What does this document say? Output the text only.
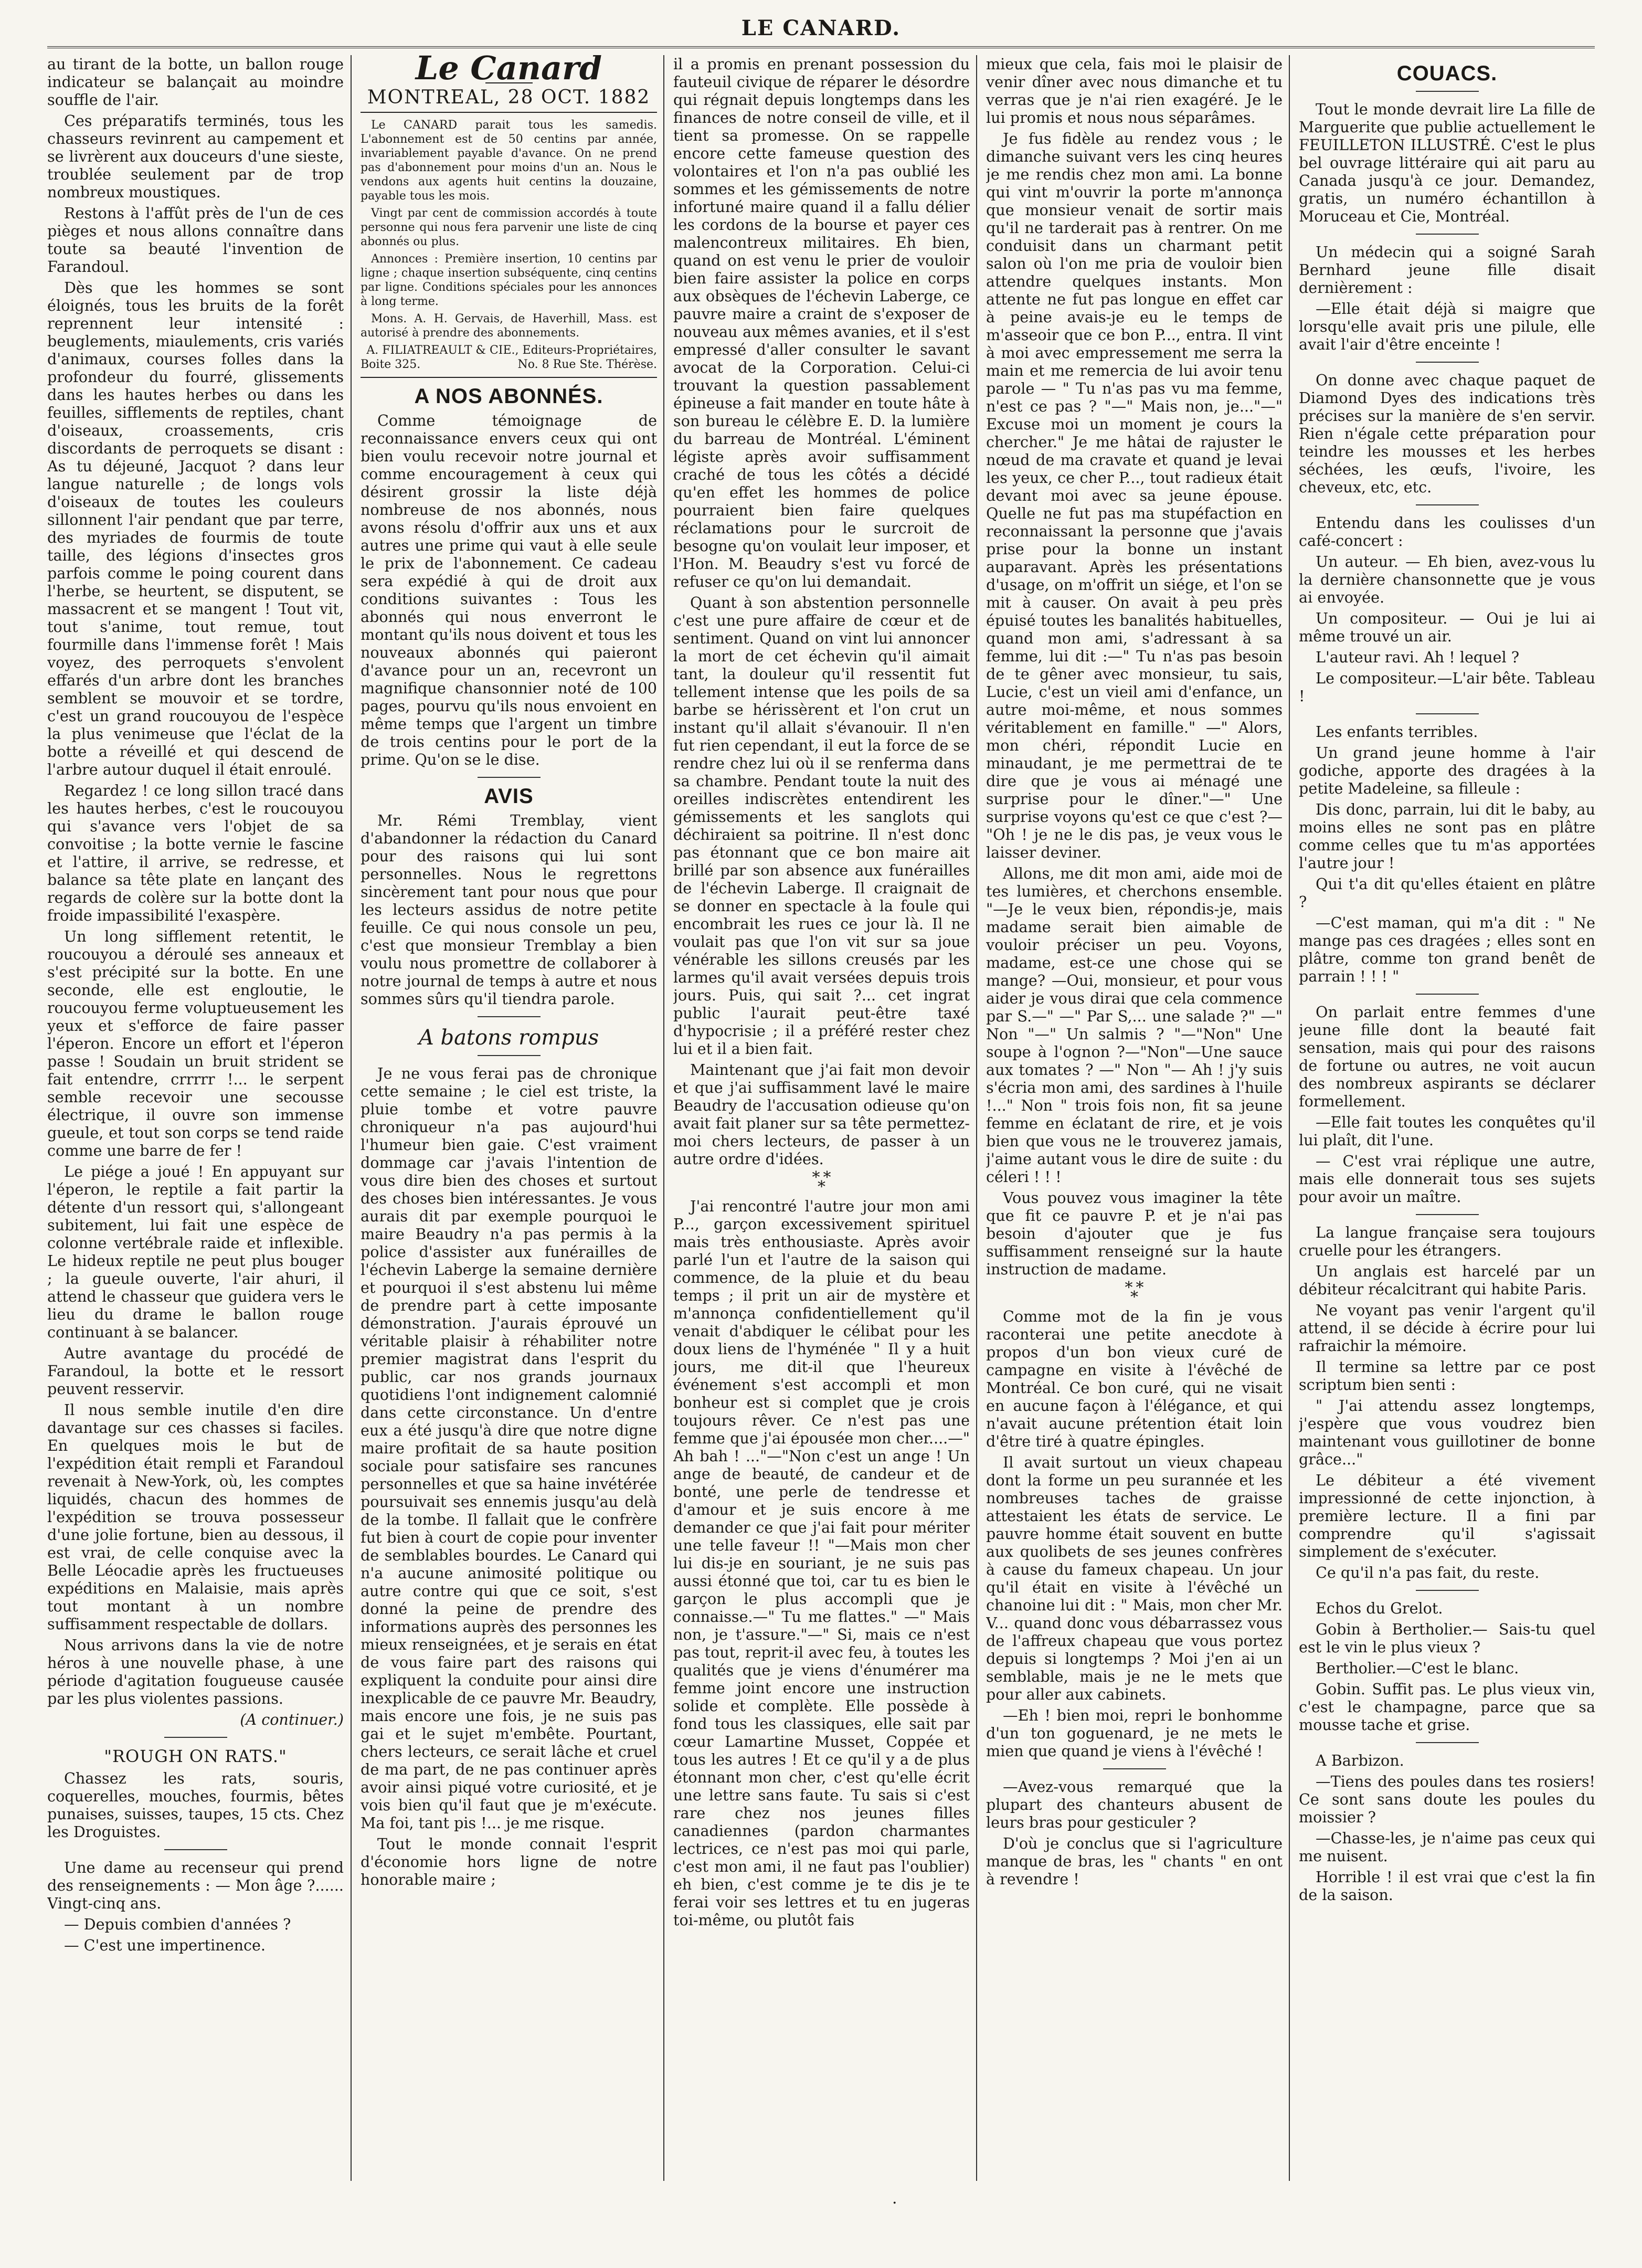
LE CANARD.

au tirant de la botte, un ballon rouge indicateur se balançait au moindre souffle de l'air.

Ces préparatifs terminés, tous les chasseurs revinrent au campement et se livrèrent aux douceurs d'une sieste, troublée seulement par de trop nombreux moustiques.

Restons à l'affût près de l'un de ces pièges et nous allons connaître dans toute sa beauté l'invention de Farandoul.

Dès que les hommes se sont éloignés, tous les bruits de la forêt reprennent leur intensité : beuglements, miaulements, cris variés d'animaux, courses folles dans la profondeur du fourré, glissements dans les hautes herbes ou dans les feuilles, sifflements de reptiles, chant d'oiseaux, croassements, cris discordants de perroquets se disant : As tu déjeuné, Jacquot ? dans leur langue naturelle ; de longs vols d'oiseaux de toutes les couleurs sillonnent l'air pendant que par terre, des myriades de fourmis de toute taille, des légions d'insectes gros parfois comme le poing courent dans l'herbe, se heurtent, se disputent, se massacrent et se mangent ! Tout vit, tout s'anime, tout remue, tout fourmille dans l'immense forêt ! Mais voyez, des perroquets s'envolent effarés d'un arbre dont les branches semblent se mouvoir et se tordre, c'est un grand roucouyou de l'espèce la plus venimeuse que l'éclat de la botte a réveillé et qui descend de l'arbre autour duquel il était enroulé.

Regardez ! ce long sillon tracé dans les hautes herbes, c'est le roucouyou qui s'avance vers l'objet de sa convoitise ; la botte vernie le fascine et l'attire, il arrive, se redresse, et balance sa tête plate en lançant des regards de colère sur la botte dont la froide impassibilité l'exaspère.

Un long sifflement retentit, le roucouyou a déroulé ses anneaux et s'est précipité sur la botte. En une seconde, elle est engloutie, le roucouyou ferme voluptueusement les yeux et s'efforce de faire passer l'éperon. Encore un effort et l'éperon passe ! Soudain un bruit strident se fait entendre, crrrrr !... le serpent semble recevoir une secousse électrique, il ouvre son immense gueule, et tout son corps se tend raide comme une barre de fer !

Le piége a joué ! En appuyant sur l'éperon, le reptile a fait partir la détente d'un ressort qui, s'allongeant subitement, lui fait une espèce de colonne vertébrale raide et inflexible. Le hideux reptile ne peut plus bouger ; la gueule ouverte, l'air ahuri, il attend le chasseur que guidera vers le lieu du drame le ballon rouge continuant à se balancer.

Autre avantage du procédé de Farandoul, la botte et le ressort peuvent resservir.

Il nous semble inutile d'en dire davantage sur ces chasses si faciles. En quelques mois le but de l'expédition était rempli et Farandoul revenait à New-York, où, les comptes liquidés, chacun des hommes de l'expédition se trouva possesseur d'une jolie fortune, bien au dessous, il est vrai, de celle conquise avec la Belle Léocadie après les fructueuses expéditions en Malaisie, mais après tout montant à un nombre suffisamment respectable de dollars.

Nous arrivons dans la vie de notre héros à une nouvelle phase, à une période d'agitation fougueuse causée par les plus violentes passions.

(A continuer.)

"ROUGH ON RATS."

Chassez les rats, souris, coquerelles, mouches, fourmis, bêtes punaises, suisses, taupes, 15 cts. Chez les Droguistes.

Une dame au recenseur qui prend des renseignements : — Mon âge ?...... Vingt-cinq ans.

— Depuis combien d'années ?

— C'est une impertinence.

Le Canard
MONTREAL, 28 OCT. 1882

Le CANARD parait tous les samedis. L'abonnement est de 50 centins par année, invariablement payable d'avance. On ne prend pas d'abonnement pour moins d'un an. Nous le vendons aux agents huit centins la douzaine, payable tous les mois.

Vingt par cent de commission accordés à toute personne qui nous fera parvenir une liste de cinq abonnés ou plus.

Annonces : Première insertion, 10 centins par ligne ; chaque insertion subséquente, cinq centins par ligne. Conditions spéciales pour les annonces à long terme.

Mons. A. H. Gervais, de Haverhill, Mass. est autorisé à prendre des abonnements.

A. FILIATREAULT & CIE., Editeurs-Propriétaires,

Boite 325.	No. 8 Rue Ste. Thérèse.
A NOS ABONNÉS.

Comme témoignage de reconnaissance envers ceux qui ont bien voulu recevoir notre journal et comme encouragement à ceux qui désirent grossir la liste déjà nombreuse de nos abonnés, nous avons résolu d'offrir aux uns et aux autres une prime qui vaut à elle seule le prix de l'abonnement. Ce cadeau sera expédié à qui de droit aux conditions suivantes : Tous les abonnés qui nous enverront le montant qu'ils nous doivent et tous les nouveaux abonnés qui paieront d'avance pour un an, recevront un magnifique chansonnier noté de 100 pages, pourvu qu'ils nous envoient en même temps que l'argent un timbre de trois centins pour le port de la prime. Qu'on se le dise.

AVIS

Mr. Rémi Tremblay, vient d'abandonner la rédaction du Canard pour des raisons qui lui sont personnelles. Nous le regrettons sincèrement tant pour nous que pour les lecteurs assidus de notre petite feuille. Ce qui nous console un peu, c'est que monsieur Tremblay a bien voulu nous promettre de collaborer à notre journal de temps à autre et nous sommes sûrs qu'il tiendra parole.

A batons rompus

Je ne vous ferai pas de chronique cette semaine ; le ciel est triste, la pluie tombe et votre pauvre chroniqueur n'a pas aujourd'hui l'humeur bien gaie. C'est vraiment dommage car j'avais l'intention de vous dire bien des choses et surtout des choses bien intéressantes. Je vous aurais dit par exemple pourquoi le maire Beaudry n'a pas permis à la police d'assister aux funérailles de l'échevin Laberge la semaine dernière et pourquoi il s'est abstenu lui même de prendre part à cette imposante démonstration. J'aurais éprouvé un véritable plaisir à réhabiliter notre premier magistrat dans l'esprit du public, car nos grands journaux quotidiens l'ont indignement calomnié dans cette circonstance. Un d'entre eux a été jusqu'à dire que notre digne maire profitait de sa haute position sociale pour satisfaire ses rancunes personnelles et que sa haine invétérée poursuivait ses ennemis jusqu'au delà de la tombe. Il fallait que le confrère fut bien à court de copie pour inventer de semblables bourdes. Le Canard qui n'a aucune animosité politique ou autre contre qui que ce soit, s'est donné la peine de prendre des informations auprès des personnes les mieux renseignées, et je serais en état de vous faire part des raisons qui expliquent la conduite pour ainsi dire inexplicable de ce pauvre Mr. Beaudry, mais encore une fois, je ne suis pas gai et le sujet m'embête. Pourtant, chers lecteurs, ce serait lâche et cruel de ma part, de ne pas continuer après avoir ainsi piqué votre curiosité, et je vois bien qu'il faut que je m'exécute. Ma foi, tant pis !... je me risque.

Tout le monde connait l'esprit d'économie hors ligne de notre honorable maire ;

il a promis en prenant possession du fauteuil civique de réparer le désordre qui régnait depuis longtemps dans les finances de notre conseil de ville, et il tient sa promesse. On se rappelle encore cette fameuse question des volontaires et l'on n'a pas oublié les sommes et les gémissements de notre infortuné maire quand il a fallu délier les cordons de la bourse et payer ces malencontreux militaires. Eh bien, quand on est venu le prier de vouloir bien faire assister la police en corps aux obsèques de l'échevin Laberge, ce pauvre maire a craint de s'exposer de nouveau aux mêmes avanies, et il s'est empressé d'aller consulter le savant avocat de la Corporation. Celui-ci trouvant la question passablement épineuse a fait mander en toute hâte à son bureau le célèbre E. D. la lumière du barreau de Montréal. L'éminent légiste après avoir suffisamment craché de tous les côtés a décidé qu'en effet les hommes de police pourraient bien faire quelques réclamations pour le surcroit de besogne qu'on voulait leur imposer, et l'Hon. M. Beaudry s'est vu forcé de refuser ce qu'on lui demandait.

Quant à son abstention personnelle c'est une pure affaire de cœur et de sentiment. Quand on vint lui annoncer la mort de cet échevin qu'il aimait tant, la douleur qu'il ressentit fut tellement intense que les poils de sa barbe se hérissèrent et l'on crut un instant qu'il allait s'évanouir. Il n'en fut rien cependant, il eut la force de se rendre chez lui où il se renferma dans sa chambre. Pendant toute la nuit des oreilles indiscrètes entendirent les gémissements et les sanglots qui déchiraient sa poitrine. Il n'est donc pas étonnant que ce bon maire ait brillé par son absence aux funérailles de l'échevin Laberge. Il craignait de se donner en spectacle à la foule qui encombrait les rues ce jour là. Il ne voulait pas que l'on vit sur sa joue vénérable les sillons creusés par les larmes qu'il avait versées depuis trois jours. Puis, qui sait ?... cet ingrat public l'aurait peut-être taxé d'hypocrisie ; il a préféré rester chez lui et il a bien fait.

Maintenant que j'ai fait mon devoir et que j'ai suffisamment lavé le maire Beaudry de l'accusation odieuse qu'on avait fait planer sur sa tête permettez-moi chers lecteurs, de passer à un autre ordre d'idées.

* *
*

J'ai rencontré l'autre jour mon ami P..., garçon excessivement spirituel mais très enthousiaste. Après avoir parlé l'un et l'autre de la saison qui commence, de la pluie et du beau temps ; il prit un air de mystère et m'annonça confidentiellement qu'il venait d'abdiquer le célibat pour les doux liens de l'hyménée " Il y a huit jours, me dit-il que l'heureux événement s'est accompli et mon bonheur est si complet que je crois toujours rêver. Ce n'est pas une femme que j'ai épousée mon cher....—" Ah bah ! ..."—"Non c'est un ange ! Un ange de beauté, de candeur et de bonté, une perle de tendresse et d'amour et je suis encore à me demander ce que j'ai fait pour mériter une telle faveur !! "—Mais mon cher lui dis-je en souriant, je ne suis pas aussi étonné que toi, car tu es bien le garçon le plus accompli que je connaisse.—" Tu me flattes." —" Mais non, je t'assure."—" Si, mais ce n'est pas tout, reprit-il avec feu, à toutes les qualités que je viens d'énumérer ma femme joint encore une instruction solide et complète. Elle possède à fond tous les classiques, elle sait par cœur Lamartine Musset, Coppée et tous les autres ! Et ce qu'il y a de plus étonnant mon cher, c'est qu'elle écrit une lettre sans faute. Tu sais si c'est rare chez nos jeunes filles canadiennes (pardon charmantes lectrices, ce n'est pas moi qui parle, c'est mon ami, il ne faut pas l'oublier) eh bien, c'est comme je te dis je te ferai voir ses lettres et tu en jugeras toi-même, ou plutôt fais

mieux que cela, fais moi le plaisir de venir dîner avec nous dimanche et tu verras que je n'ai rien exagéré. Je le lui promis et nous nous séparâmes.

Je fus fidèle au rendez vous ; le dimanche suivant vers les cinq heures je me rendis chez mon ami. La bonne qui vint m'ouvrir la porte m'annonça que monsieur venait de sortir mais qu'il ne tarderait pas à rentrer. On me conduisit dans un charmant petit salon où l'on me pria de vouloir bien attendre quelques instants. Mon attente ne fut pas longue en effet car à peine avais-je eu le temps de m'asseoir que ce bon P..., entra. Il vint à moi avec empressement me serra la main et me remercia de lui avoir tenu parole — " Tu n'as pas vu ma femme, n'est ce pas ? "—" Mais non, je..."—" Excuse moi un moment je cours la chercher." Je me hâtai de rajuster le nœud de ma cravate et quand je levai les yeux, ce cher P..., tout radieux était devant moi avec sa jeune épouse. Quelle ne fut pas ma stupéfaction en reconnaissant la personne que j'avais prise pour la bonne un instant auparavant. Après les présentations d'usage, on m'offrit un siége, et l'on se mit à causer. On avait à peu près épuisé toutes les banalités habituelles, quand mon ami, s'adressant à sa femme, lui dit :—" Tu n'as pas besoin de te gêner avec monsieur, tu sais, Lucie, c'est un vieil ami d'enfance, un autre moi-même, et nous sommes véritablement en famille." —" Alors, mon chéri, répondit Lucie en minaudant, je me permettrai de te dire que je vous ai ménagé une surprise pour le dîner."—" Une surprise voyons qu'est ce que c'est ?— "Oh ! je ne le dis pas, je veux vous le laisser deviner.

Allons, me dit mon ami, aide moi de tes lumières, et cherchons ensemble. "—Je le veux bien, répondis-je, mais madame serait bien aimable de vouloir préciser un peu. Voyons, madame, est-ce une chose qui se mange? —Oui, monsieur, et pour vous aider je vous dirai que cela commence par S.—" —" Par S,... une salade ?" —" Non "—" Un salmis ? "—"Non" Une soupe à l'ognon ?—"Non"—Une sauce aux tomates ? —" Non "— Ah ! j'y suis s'écria mon ami, des sardines à l'huile !..." Non " trois fois non, fit sa jeune femme en éclatant de rire, et je vois bien que vous ne le trouverez jamais, j'aime autant vous le dire de suite : du céleri ! ! !

Vous pouvez vous imaginer la tête que fit ce pauvre P. et je n'ai pas besoin d'ajouter que je fus suffisamment renseigné sur la haute instruction de madame.

* *
*

Comme mot de la fin je vous raconterai une petite anecdote à propos d'un bon vieux curé de campagne en visite à l'évêché de Montréal. Ce bon curé, qui ne visait en aucune façon à l'élégance, et qui n'avait aucune prétention était loin d'être tiré à quatre épingles.

Il avait surtout un vieux chapeau dont la forme un peu surannée et les nombreuses taches de graisse attestaient les états de service. Le pauvre homme était souvent en butte aux quolibets de ses jeunes confrères à cause du fameux chapeau. Un jour qu'il était en visite à l'évêché un chanoine lui dit : " Mais, mon cher Mr. V... quand donc vous débarrassez vous de l'affreux chapeau que vous portez depuis si longtemps ? Moi j'en ai un semblable, mais je ne le mets que pour aller aux cabinets.

—Eh ! bien moi, repri le bonhomme d'un ton goguenard, je ne mets le mien que quand je viens à l'évêché !

—Avez-vous remarqué que la plupart des chanteurs abusent de leurs bras pour gesticuler ?

D'où je conclus que si l'agriculture manque de bras, les " chants " en ont à revendre !

COUACS.

Tout le monde devrait lire La fille de Marguerite que publie actuellement le FEUILLETON ILLUSTRÉ. C'est le plus bel ouvrage littéraire qui ait paru au Canada jusqu'à ce jour. Demandez, gratis, un numéro échantillon à Moruceau et Cie, Montréal.

Un médecin qui a soigné Sarah Bernhard jeune fille disait dernièrement :

—Elle était déjà si maigre que lorsqu'elle avait pris une pilule, elle avait l'air d'être enceinte !

On donne avec chaque paquet de Diamond Dyes des indications très précises sur la manière de s'en servir. Rien n'égale cette préparation pour teindre les mousses et les herbes séchées, les œufs, l'ivoire, les cheveux, etc, etc.

Entendu dans les coulisses d'un café-concert :

Un auteur. — Eh bien, avez-vous lu la dernière chansonnette que je vous ai envoyée.

Un compositeur. — Oui je lui ai même trouvé un air.

L'auteur ravi. Ah ! lequel ?

Le compositeur.—L'air bête. Tableau !

Les enfants terribles.

Un grand jeune homme à l'air godiche, apporte des dragées à la petite Madeleine, sa filleule :

Dis donc, parrain, lui dit le baby, au moins elles ne sont pas en plâtre comme celles que tu m'as apportées l'autre jour !

Qui t'a dit qu'elles étaient en plâtre ?

—C'est maman, qui m'a dit : " Ne mange pas ces dragées ; elles sont en plâtre, comme ton grand benêt de parrain ! ! ! "

On parlait entre femmes d'une jeune fille dont la beauté fait sensation, mais qui pour des raisons de fortune ou autres, ne voit aucun des nombreux aspirants se déclarer formellement.

—Elle fait toutes les conquêtes qu'il lui plaît, dit l'une.

— C'est vrai réplique une autre, mais elle donnerait tous ses sujets pour avoir un maître.

La langue française sera toujours cruelle pour les étrangers.

Un anglais est harcelé par un débiteur récalcitrant qui habite Paris.

Ne voyant pas venir l'argent qu'il attend, il se décide à écrire pour lui rafraichir la mémoire.

Il termine sa lettre par ce post scriptum bien senti :

" J'ai attendu assez longtemps, j'espère que vous voudrez bien maintenant vous guillotiner de bonne grâce..."

Le débiteur a été vivement impressionné de cette injonction, à première lecture. Il a fini par comprendre qu'il s'agissait simplement de s'exécuter.

Ce qu'il n'a pas fait, du reste.

Echos du Grelot.

Gobin à Bertholier.— Sais-tu quel est le vin le plus vieux ?

Bertholier.—C'est le blanc.

Gobin. Suffit pas. Le plus vieux vin, c'est le champagne, parce que sa mousse tache et grise.

A Barbizon.

—Tiens des poules dans tes rosiers! Ce sont sans doute les poules du moissier ?

—Chasse-les, je n'aime pas ceux qui me nuisent.

Horrible ! il est vrai que c'est la fin de la saison.

·
